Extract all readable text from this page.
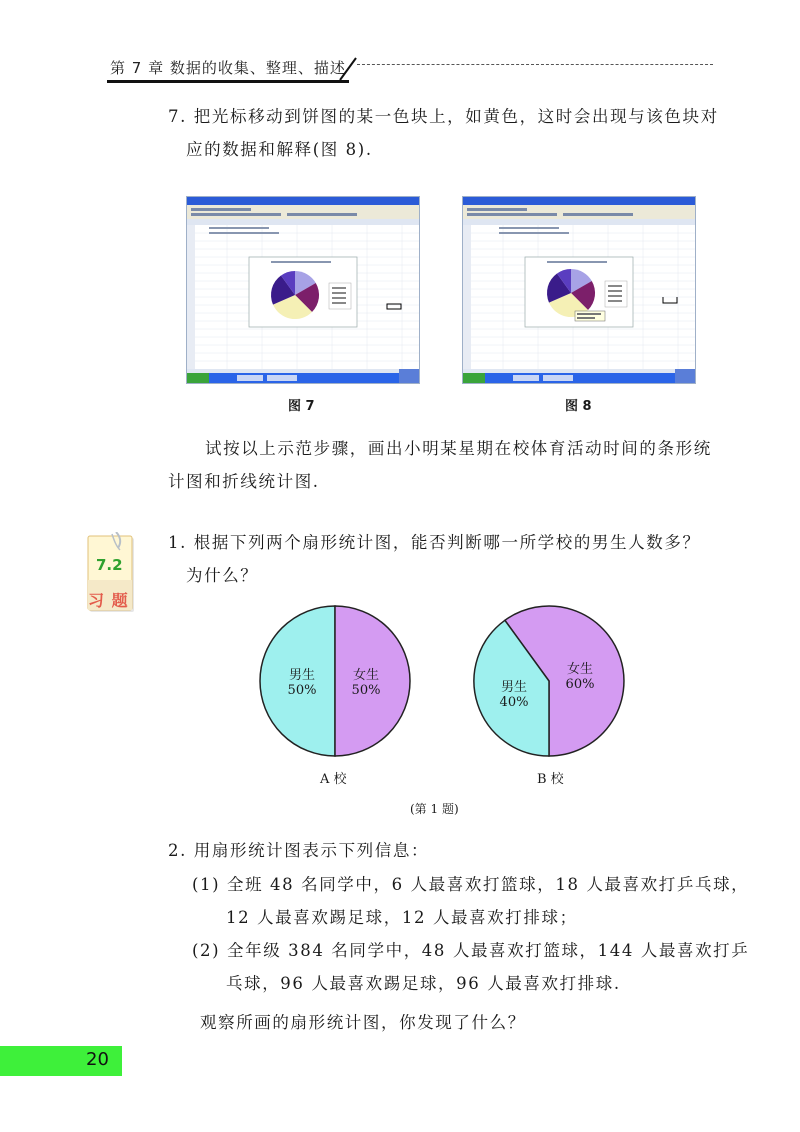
第 7 章 数据的收集、整理、描述
7. 把光标移动到饼图的某一色块上，如黄色，这时会出现与该色块对
应的数据和解释(图 8).
图 7	图 8
试按以上示范步骤，画出小明某星期在校体育活动时间的条形统
计图和折线统计图.
7.2
习 题
1. 根据下列两个扇形统计图，能否判断哪一所学校的男生人数多？
为什么？
男生
50%
女生
50%
A 校
男生
40%
女生
60%
B 校
(第 1 题)
2. 用扇形统计图表示下列信息：
(1) 全班 48 名同学中，6 人最喜欢打篮球，18 人最喜欢打乒乓球，
12 人最喜欢踢足球，12 人最喜欢打排球；
(2) 全年级 384 名同学中，48 人最喜欢打篮球，144 人最喜欢打乒
乓球，96 人最喜欢踢足球，96 人最喜欢打排球.
观察所画的扇形统计图，你发现了什么？
20
